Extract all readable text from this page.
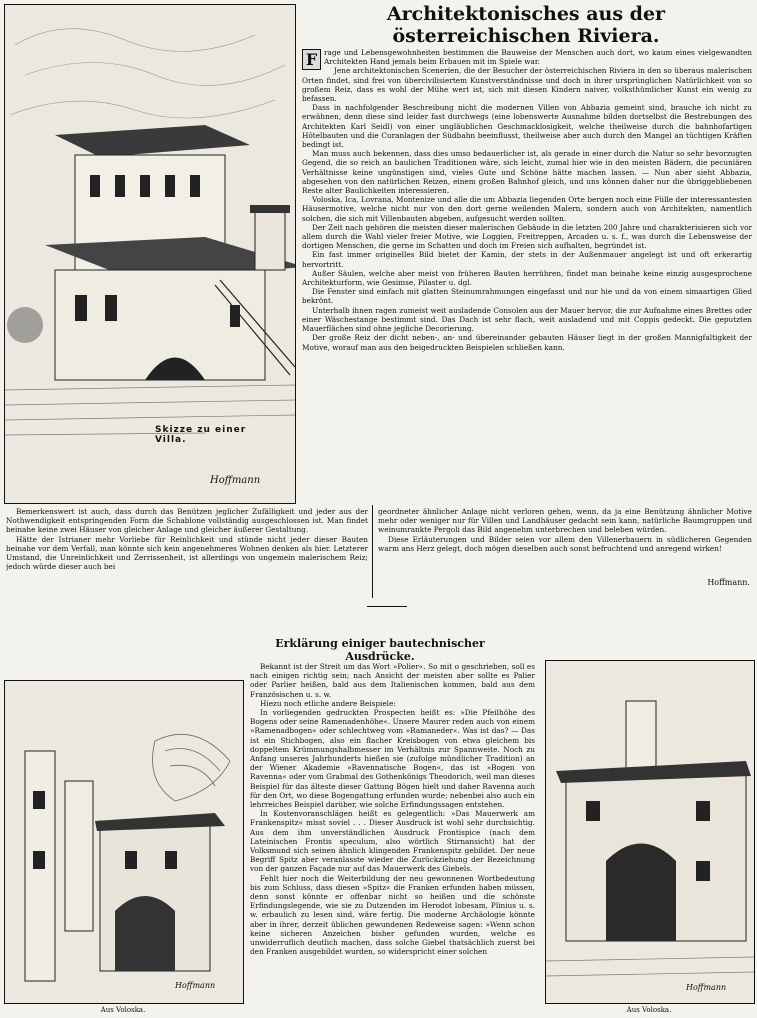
Architektonisches aus der österreichischen Riviera.
Skizze zu einer Villa.
Hoffmann

F rage und Lebensgewohnheiten bestimmen die Bauweise der Menschen auch dort, wo kaum eines vielgewandten Architekten Hand jemals beim Erbauen mit im Spiele war.

Jene architektonischen Scenerien, die der Besucher der österreichischen Riviera in den so überaus malerischen Orten findet, sind frei von übercivilisiertem Kunstverständnisse und doch in ihrer ursprünglichen Natürlichkeit von so großem Reiz, dass es wohl der Mühe wert ist, sich mit diesen Kindern naiver, volksthümlicher Kunst ein wenig zu befassen.

Dass in nachfolgender Beschreibung nicht die modernen Villen von Abbazia gemeint sind, brauche ich nicht zu erwähnen, denn diese sind leider fast durchwegs (eine lobenswerte Ausnahme bilden dortselbst die Bestrebungen des Architekten Karl Seidl) von einer ungläublichen Geschmacklosigkeit, welche theilweise durch die bahnhofartigen Hôtelbauten und die Curanlagen der Südbahn beeinflusst, theilweise aber auch durch den Mangel an tüchtigen Kräften bedingt ist.

Man muss auch bekennen, dass dies umso bedauerlicher ist, als gerade in einer durch die Natur so sehr bevorzugten Gegend, die so reich an baulichen Traditionen wäre, sich leicht, zumal hier wie in den meisten Bädern, die pecuniären Verhältnisse keine ungünstigen sind, vieles Gute und Schöne hätte machen lassen. — Nun aber sieht Abbazia, abgesehen von den natürlichen Reizen, einem großen Bahnhof gleich, und uns können daher nur die übriggebliebenen Reste alter Baulichkeiten interessieren.

Voloska, Ica, Lovrana, Montenize und alle die um Abbazia liegenden Orte bergen noch eine Fülle der interessantesten Häusermotive, welche nicht nur von den dort gerne weilenden Malern, sondern auch von Architekten, namentlich solchen, die sich mit Villenbauten abgeben, aufgesucht werden sollten.

Der Zeit nach gehören die meisten dieser malerischen Gebäude in die letzten 200 Jahre und charakterisieren sich vor allem durch die Wahl vieler freier Motive, wie Loggien, Freitreppen, Arcaden u. s. f., was durch die Lebensweise der dortigen Menschen, die gerne im Schatten und doch im Freien sich aufhalten, begründet ist.

Ein fast immer originelles Bild bietet der Kamin, der stets in der Außenmauer angelegt ist und oft erkerartig hervortritt.

Außer Säulen, welche aber meist von früheren Bauten herrühren, findet man beinahe keine einzig ausgesprochene Architekturform, wie Gesimse, Pilaster u. dgl.

Die Fenster sind einfach mit glatten Steinumrahmungen eingefasst und nur hie und da von einem simaartigen Glied bekrönt.

Unterhalb ihnen ragen zumeist weit ausladende Consolen aus der Mauer hervor, die zur Aufnahme eines Brettes oder einer Wäschestange bestimmt sind. Das Dach ist sehr flach, weit ausladend und mit Coppis gedeckt. Die geputzten Mauerflächen sind ohne jegliche Decorierung.

Der große Reiz der dicht neben-, an- und übereinander gebauten Häuser liegt in der großen Mannigfaltigkeit der Motive, worauf man aus den beigedruckten Beispielen schließen kann.

Bemerkenswert ist auch, dass durch das Benützen jeglicher Zufälligkeit und jeder aus der Nothwendigkeit entspringenden Form die Schablone vollständig ausgeschlossen ist. Man findet beinahe keine zwei Häuser von gleicher Anlage und gleicher äußerer Gestaltung.

Hätte der Istrianer mehr Vorliebe für Reinlichkeit und stünde nicht jeder dieser Bauten beinahe vor dem Verfall, man könnte sich kein angenehmeres Wohnen denken als hier. Letzterer Umstand, die Unreinlichkeit und Zerrissenheit, ist allerdings von ungemein malerischem Reiz; jedoch würde dieser auch bei

geordneter ähnlicher Anlage nicht verloren gehen, wenn, da ja eine Benützung ähnlicher Motive mehr oder weniger nur für Villen und Landhäuser gedacht sein kann, natürliche Baumgruppen und weinumrankte Pergoli das Bild angenehm unterbrechen und beleben würden.

Diese Erläuterungen und Bilder seien vor allem den Villenerbauern in südlicheren Gegenden warm ans Herz gelegt, doch mögen dieselben auch sonst befruchtend und anregend wirken!

Hoffmann.
Erklärung einiger bautechnischer Ausdrücke.
Hoffmann
Aus Voloska.
Hoffmann
Aus Voloska.

Bekannt ist der Streit um das Wort »Polier«. So mit o geschrieben, soll es nach einigen richtig sein; nach Ansicht der meisten aber sollte es Palier oder Parlier heißen, bald aus dem Italienischen kommen, bald aus dem Französischen u. s. w.

Hiezu noch etliche andere Beispiele:

In vorliegenden gedruckten Prospecten heißt es: »Die Pfeilhöhe des Bogens oder seine Ramenadenhöhe«. Unsere Maurer reden auch von einem »Ramenadbogen« oder schlechtweg vom »Ramaneder«. Was ist das? — Das ist ein Stichbogen, also ein flacher Kreisbogen von etwa gleichem bis doppeltem Krümmungshalbmesser im Verhältnis zur Spannweite. Noch zu Anfang unseres Jahrhunderts hießen sie (zufolge mündlicher Tradition) an der Wiener Akademie »Ravennatische Bogen«, das ist »Bogen von Ravenna« oder vom Grabmal des Gothenkönigs Theodorich, weil man dieses Beispiel für das älteste dieser Gattung Bögen hielt und daher Ravenna auch für den Ort, wo diese Bogengattung erfunden wurde; nebenbei also auch ein lehrreiches Beispiel darüber, wie solche Erfindungssagen entstehen.

In Kostenvoranschlägen heißt es gelegentlich: »Das Mauerwerk am Frankenspitz« misst soviel . . . Dieser Ausdruck ist wohl sehr durchsichtig. Aus dem ihm unverständlichen Ausdruck Frontispice (nach dem Lateinischen Frontis speculum, also wörtlich Stirnansicht) hat der Volksmund sich seinen ähnlich klingenden Frankenspitz gebildet. Der neue Begriff Spitz aber veranlasste wieder die Zurückziehung der Bezeichnung von der ganzen Façade nur auf das Mauerwerk des Giebels.

Fehlt hier noch die Weiterbildung der neu gewonnenen Wortbedeutung bis zum Schluss, dass diesen »Spitz« die Franken erfunden haben müssen, denn sonst könnte er offenbar nicht so heißen und die schönste Erfindungslegende, wie sie zu Dutzenden im Herodot lobesam, Plinius u. s. w. erbaulich zu lesen sind, wäre fertig. Die moderne Archäologie könnte aber in ihrer, derzeit üblichen gewundenen Redeweise sagen: »Wenn schon keine sicheren Anzeichen bisher gefunden wurden, welche es unwiderruflich deutlich machen, dass solche Giebel thatsächlich zuerst bei den Franken ausgebildet wurden, so widerspricht einer solchen
